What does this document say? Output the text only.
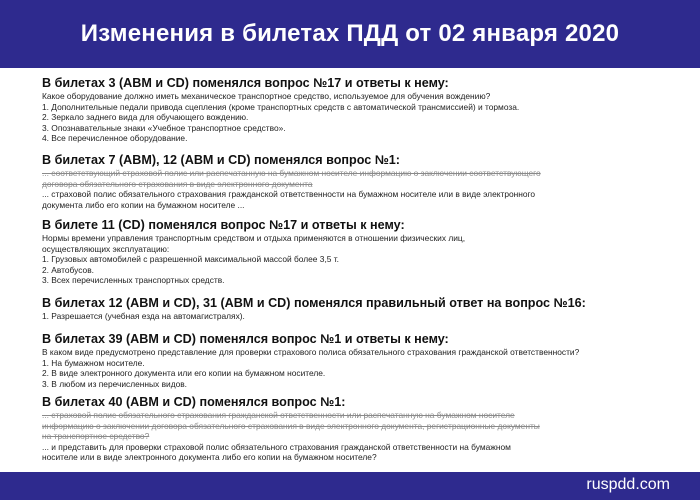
Изменения в билетах ПДД от 02 января 2020
В билетах 3 (ABM и CD) поменялся вопрос №17 и ответы к нему:

Какое оборудование должно иметь механическое транспортное средство, используемое для обучения вождению?

1. Дополнительные педали привода сцепления (кроме транспортных средств с автоматической трансмиссией) и тормоза.

2. Зеркало заднего вида для обучающего вождению.

3. Опознавательные знаки «Учебное транспортное средство».

4. Все перечисленное оборудование.

В билетах 7 (ABM), 12 (ABM и CD) поменялся вопрос №1:

... соответствующий страховой полис или распечатанную на бумажном носителе информацию о заключении соответствующего

договора обязательного страхования в виде электронного документа

... страховой полис обязательного страхования гражданской ответственности на бумажном носителе или в виде электронного

документа либо его копии на бумажном носителе ...

В билете 11 (CD) поменялся вопрос №17 и ответы к нему:

Нормы времени управления транспортным средством и отдыха применяются в отношении физических лиц,

осуществляющих эксплуатацию:

1. Грузовых автомобилей с разрешенной максимальной массой более 3,5 т.

2. Автобусов.

3. Всех перечисленных транспортных средств.

В билетах 12 (ABM и CD), 31 (ABM и CD) поменялся правильный ответ на вопрос №16:

1. Разрешается (учебная езда на автомагистралях).

В билетах 39 (ABM и CD) поменялся вопрос №1 и ответы к нему:

В каком виде предусмотрено представление для проверки страхового полиса обязательного страхования гражданской ответственности?

1. На бумажном носителе.

2. В виде электронного документа или его копии на бумажном носителе.

3. В любом из перечисленных видов.

В билетах 40 (ABM и CD) поменялся вопрос №1:

... страховой полис обязательного страхования гражданской ответственности или распечатанную на бумажном носителе

информацию о заключении договора обязательного страхования в виде электронного документа, регистрационные документы

на транспортное средство?

... и представить для проверки страховой полис обязательного страхования гражданской ответственности на бумажном

носителе или в виде электронного документа либо его копии на бумажном носителе?

ruspdd.com
